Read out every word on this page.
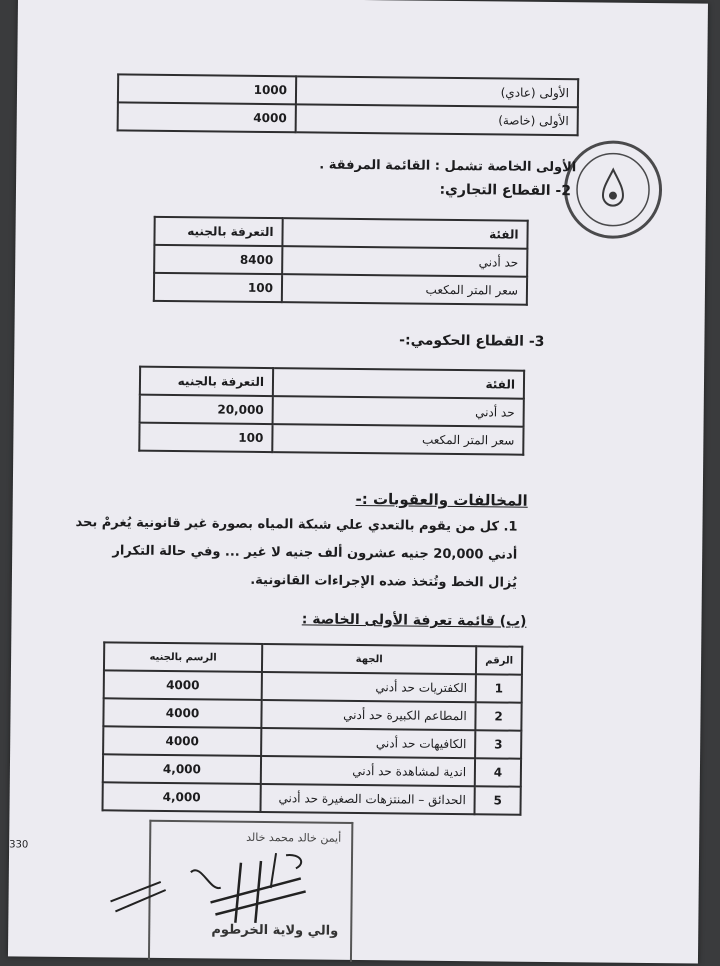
1000	الأولى (عادي)
4000	الأولى (خاصة)
الأولى الخاصة تشمل : القائمة المرفقة .
2- القطاع التجاري:
التعرفة بالجنيه	الفئة
8400	حد أدني
100	سعر المتر المكعب
3- القطاع الحكومي:-
التعرفة بالجنيه	الفئة
20,000	حد أدني
100	سعر المتر المكعب
المخالفات والعقوبات :-
1. كل من يقوم بالتعدي علي شبكة المياه بصورة غير قانونية يُغرمْ بحد
أدني 20,000 جنيه عشرون ألف جنيه لا غير ... وفي حالة التكرار
يُزال الخط وتُتخذ ضده الإجراءات القانونية.
(ب) قائمة تعرفة الأولى الخاصة :
الرسم بالجنيه	الجهة	الرقم
4000	الكفتريات حد أدني	1
4000	المطاعم الكبيرة حد أدني	2
4000	الكافيهات حد أدني	3
4,000	اندية لمشاهدة حد أدني	4
4,000	الحدائق – المنتزهات الصغيرة حد أدني	5
330
أيمن خالد محمد خالد
والي ولاية الخرطوم
